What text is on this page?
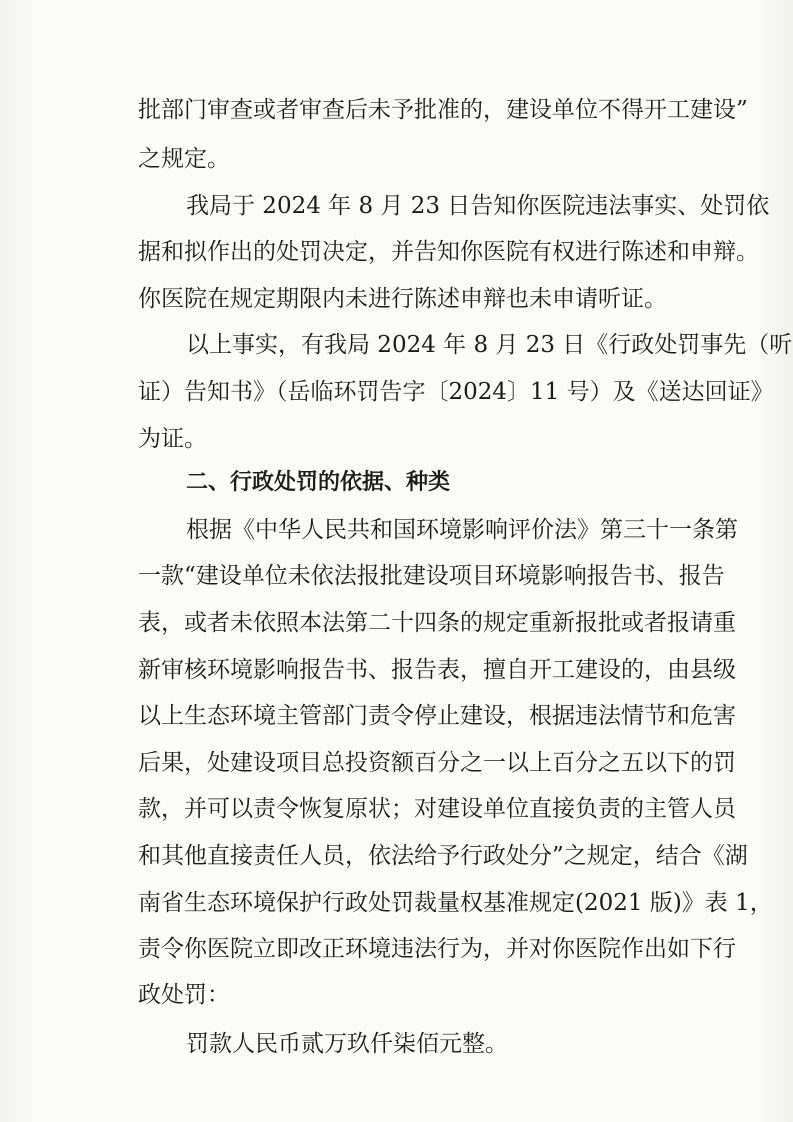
批部门审查或者审查后未予批准的，建设单位不得开工建设”
之规定。
我局于 2024 年 8 月 23 日告知你医院违法事实、处罚依
据和拟作出的处罚决定，并告知你医院有权进行陈述和申辩。
你医院在规定期限内未进行陈述申辩也未申请听证。
以上事实，有我局 2024 年 8 月 23 日《行政处罚事先（听
证）告知书》（岳临环罚告字〔2024〕11 号）及《送达回证》
为证。
二、行政处罚的依据、种类
根据《中华人民共和国环境影响评价法》第三十一条第
一款“建设单位未依法报批建设项目环境影响报告书、报告
表，或者未依照本法第二十四条的规定重新报批或者报请重
新审核环境影响报告书、报告表，擅自开工建设的，由县级
以上生态环境主管部门责令停止建设，根据违法情节和危害
后果，处建设项目总投资额百分之一以上百分之五以下的罚
款，并可以责令恢复原状；对建设单位直接负责的主管人员
和其他直接责任人员，依法给予行政处分”之规定，结合《湖
南省生态环境保护行政处罚裁量权基准规定(2021 版)》表 1，
责令你医院立即改正环境违法行为，并对你医院作出如下行
政处罚：
罚款人民币贰万玖仟柒佰元整。
